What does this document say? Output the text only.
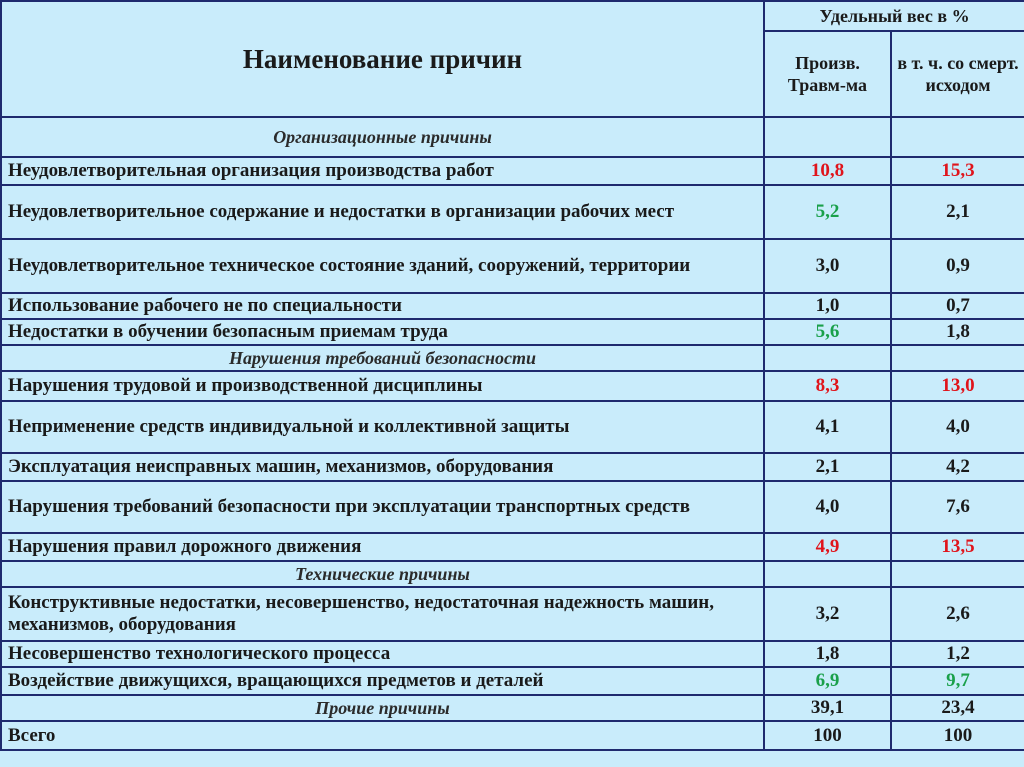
Наименование причин	Удельный вес в %	
	Произв. Травм-ма	в т. ч. со смерт. исходом
Организационные причины		
Неудовлетворительная организация производства работ	10,8	15,3
Неудовлетворительное содержание и недостатки в организации рабочих мест	5,2	2,1
Неудовлетворительное техническое состояние зданий, сооружений, территории	3,0	0,9
Использование рабочего не по специальности	1,0	0,7
Недостатки в обучении безопасным приемам труда	5,6	1,8
Нарушения требований безопасности		
Нарушения трудовой и производственной дисциплины	8,3	13,0
Неприменение средств индивидуальной и коллективной защиты	4,1	4,0
Эксплуатация неисправных машин, механизмов, оборудования	2,1	4,2
Нарушения требований безопасности при эксплуатации транспортных средств	4,0	7,6
Нарушения правил дорожного движения	4,9	13,5
Технические причины		
Конструктивные недостатки, несовершенство, недостаточная надежность машин, механизмов, оборудования	3,2	2,6
Несовершенство технологического процесса	1,8	1,2
Воздействие движущихся, вращающихся предметов и деталей	6,9	9,7
Прочие причины	39,1	23,4
Всего	100	100
